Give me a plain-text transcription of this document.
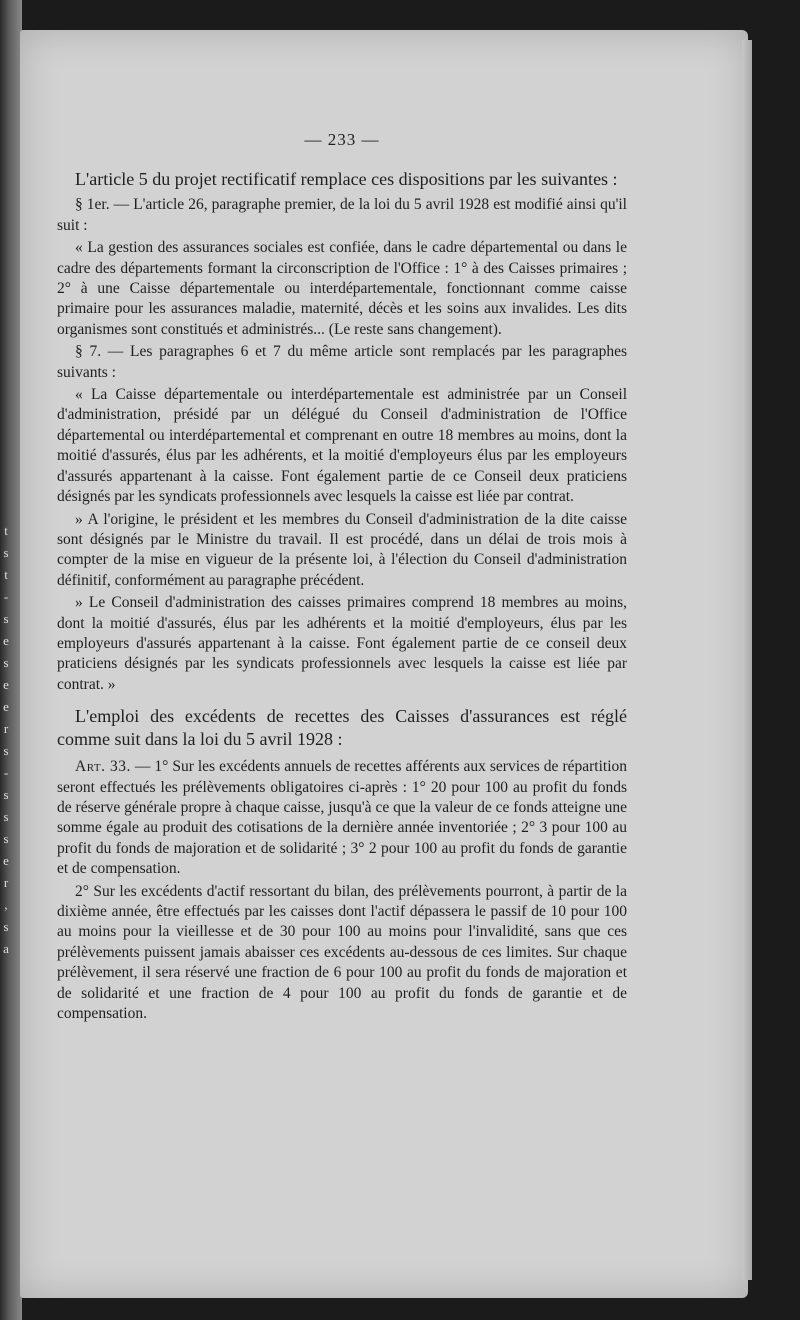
t
s
t
-
s
e
s
e
e
r
s
-
s
s
s
e
r
,
s
a
— 233 —

L'article 5 du projet rectificatif remplace ces dispositions par les suivantes :

§ 1er. — L'article 26, paragraphe premier, de la loi du 5 avril 1928 est modifié ainsi qu'il suit :

« La gestion des assurances sociales est confiée, dans le cadre départemental ou dans le cadre des départements formant la circonscription de l'Office : 1° à des Caisses primaires ; 2° à une Caisse départementale ou interdépartementale, fonctionnant comme caisse primaire pour les assurances maladie, maternité, décès et les soins aux invalides. Les dits organismes sont constitués et administrés... (Le reste sans changement).

§ 7. — Les paragraphes 6 et 7 du même article sont remplacés par les paragraphes suivants :

« La Caisse départementale ou interdépartementale est administrée par un Conseil d'administration, présidé par un délégué du Conseil d'administration de l'Office départemental ou interdépartemental et comprenant en outre 18 membres au moins, dont la moitié d'assurés, élus par les adhérents, et la moitié d'employeurs élus par les employeurs d'assurés appartenant à la caisse. Font également partie de ce Conseil deux praticiens désignés par les syndicats professionnels avec lesquels la caisse est liée par contrat.

» A l'origine, le président et les membres du Conseil d'administration de la dite caisse sont désignés par le Ministre du travail. Il est procédé, dans un délai de trois mois à compter de la mise en vigueur de la présente loi, à l'élection du Conseil d'administration définitif, conformément au paragraphe précédent.

» Le Conseil d'administration des caisses primaires comprend 18 membres au moins, dont la moitié d'assurés, élus par les adhérents et la moitié d'employeurs, élus par les employeurs d'assurés appartenant à la caisse. Font également partie de ce conseil deux praticiens désignés par les syndicats professionnels avec lesquels la caisse est liée par contrat. »

L'emploi des excédents de recettes des Caisses d'assurances est réglé comme suit dans la loi du 5 avril 1928 :

Art. 33. — 1° Sur les excédents annuels de recettes afférents aux services de répartition seront effectués les prélèvements obligatoires ci-après : 1° 20 pour 100 au profit du fonds de réserve générale propre à chaque caisse, jusqu'à ce que la valeur de ce fonds atteigne une somme égale au produit des cotisations de la dernière année inventoriée ; 2° 3 pour 100 au profit du fonds de majoration et de solidarité ; 3° 2 pour 100 au profit du fonds de garantie et de compensation.

2° Sur les excédents d'actif ressortant du bilan, des prélèvements pourront, à partir de la dixième année, être effectués par les caisses dont l'actif dépassera le passif de 10 pour 100 au moins pour la vieillesse et de 30 pour 100 au moins pour l'invalidité, sans que ces prélèvements puissent jamais abaisser ces excédents au-dessous de ces limites. Sur chaque prélèvement, il sera réservé une fraction de 6 pour 100 au profit du fonds de majoration et de solidarité et une fraction de 4 pour 100 au profit du fonds de garantie et de compensation.
